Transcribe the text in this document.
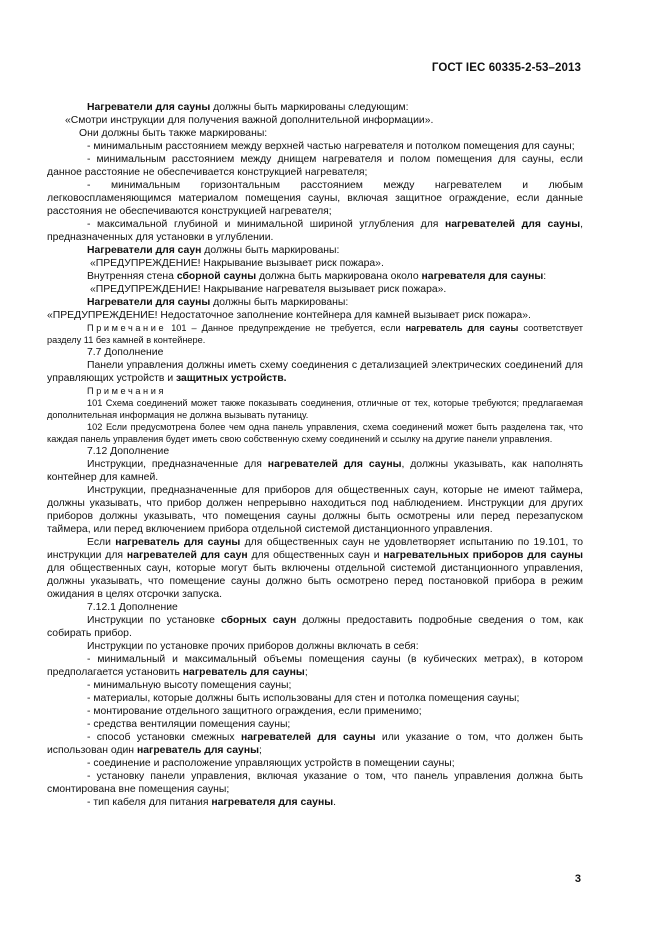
ГОСТ IEC 60335-2-53–2013

Нагреватели для сауны должны быть маркированы следующим:

«Смотри инструкции для получения важной дополнительной информации».

Они должны быть также маркированы:

- минимальным расстоянием между верхней частью нагревателя и потолком помещения для сауны;

- минимальным расстоянием между днищем нагревателя и полом помещения для сауны, если данное расстояние не обеспечивается конструкцией нагревателя;

- минимальным горизонтальным расстоянием между нагревателем и любым легковоспламеняющимся материалом помещения сауны, включая защитное ограждение, если данные расстояния не обеспечиваются конструкцией нагревателя;

- максимальной глубиной и минимальной шириной углубления для нагревателей для сауны, предназначенных для установки в углублении.

Нагреватели для саун должны быть маркированы:

«ПРЕДУПРЕЖДЕНИЕ! Накрывание вызывает риск пожара».

Внутренняя стена сборной сауны должна быть маркирована около нагревателя для сауны:

«ПРЕДУПРЕЖДЕНИЕ! Накрывание нагревателя вызывает риск пожара».

Нагреватели для сауны должны быть маркированы:

«ПРЕДУПРЕЖДЕНИЕ! Недостаточное заполнение контейнера для камней вызывает риск пожара».

Примечание 101 – Данное предупреждение не требуется, если нагреватель для сауны соответствует разделу 11 без камней в контейнере.

7.7 Дополнение

Панели управления должны иметь схему соединения с детализацией электрических соединений для управляющих устройств и защитных устройств.

Примечания

101 Схема соединений может также показывать соединения, отличные от тех, которые требуются; предлагаемая дополнительная информация не должна вызывать путаницу.

102 Если предусмотрена более чем одна панель управления, схема соединений может быть разделена так, что каждая панель управления будет иметь свою собственную схему соединений и ссылку на другие панели управления.

7.12 Дополнение

Инструкции, предназначенные для нагревателей для сауны, должны указывать, как наполнять контейнер для камней.

Инструкции, предназначенные для приборов для общественных саун, которые не имеют таймера, должны указывать, что прибор должен непрерывно находиться под наблюдением. Инструкции для других приборов должны указывать, что помещения сауны должны быть осмотрены или перед перезапуском таймера, или перед включением прибора отдельной системой дистанционного управления.

Если нагреватель для сауны для общественных саун не удовлетворяет испытанию по 19.101, то инструкции для нагревателей для саун для общественных саун и нагревательных приборов для сауны для общественных саун, которые могут быть включены отдельной системой дистанционного управления, должны указывать, что помещение сауны должно быть осмотрено перед постановкой прибора в режим ожидания в целях отсрочки запуска.

7.12.1 Дополнение

Инструкции по установке сборных саун должны предоставить подробные сведения о том, как собирать прибор.

Инструкции по установке прочих приборов должны включать в себя:

- минимальный и максимальный объемы помещения сауны (в кубических метрах), в котором предполагается установить нагреватель для сауны;

- минимальную высоту помещения сауны;

- материалы, которые должны быть использованы для стен и потолка помещения сауны;

- монтирование отдельного защитного ограждения, если применимо;

- средства вентиляции помещения сауны;

- способ установки смежных нагревателей для сауны или указание о том, что должен быть использован один нагреватель для сауны;

- соединение и расположение управляющих устройств в помещении сауны;

- установку панели управления, включая указание о том, что панель управления должна быть смонтирована вне помещения сауны;

- тип кабеля для питания нагревателя для сауны.

3
